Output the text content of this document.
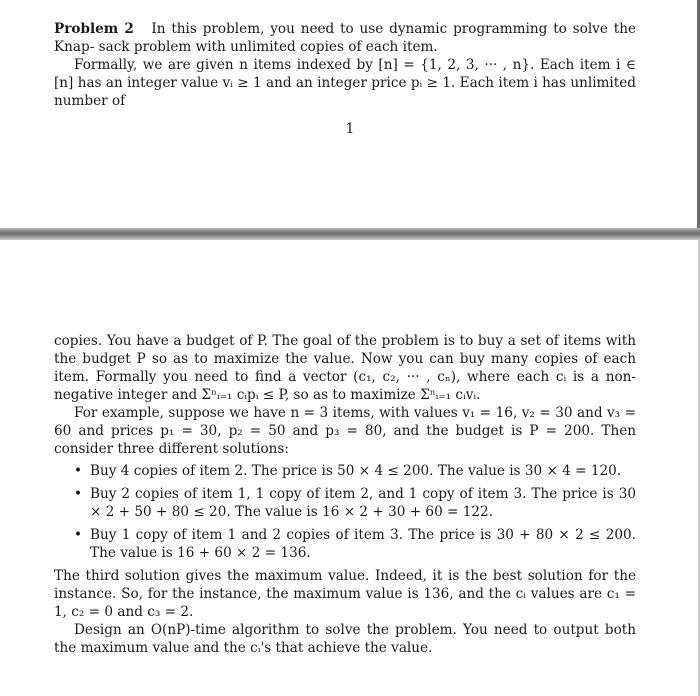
Problem 2 In this problem, you need to use dynamic programming to solve the Knap- sack problem with unlimited copies of each item.

Formally, we are given n items indexed by [n] = {1, 2, 3, ··· , n}. Each item i ∈ [n] has an integer value vᵢ ≥ 1 and an integer price pᵢ ≥ 1. Each item i has unlimited number of

1

copies. You have a budget of P. The goal of the problem is to buy a set of items with the budget P so as to maximize the value. Now you can buy many copies of each item. Formally you need to find a vector (c₁, c₂, ··· , cₙ), where each cᵢ is a non-negative integer and Σⁿᵢ₌₁ cᵢpᵢ ≤ P, so as to maximize Σⁿᵢ₌₁ cᵢvᵢ.

For example, suppose we have n = 3 items, with values v₁ = 16, v₂ = 30 and v₃ = 60 and prices p₁ = 30, p₂ = 50 and p₃ = 80, and the budget is P = 200. Then consider three different solutions:

• Buy 4 copies of item 2. The price is 50 × 4 ≤ 200. The value is 30 × 4 = 120.
• Buy 2 copies of item 1, 1 copy of item 2, and 1 copy of item 3. The price is 30 × 2 + 50 + 80 ≤ 20. The value is 16 × 2 + 30 + 60 = 122.
• Buy 1 copy of item 1 and 2 copies of item 3. The price is 30 + 80 × 2 ≤ 200. The value is 16 + 60 × 2 = 136.

The third solution gives the maximum value. Indeed, it is the best solution for the instance. So, for the instance, the maximum value is 136, and the cᵢ values are c₁ = 1, c₂ = 0 and c₃ = 2.

Design an O(nP)-time algorithm to solve the problem. You need to output both the maximum value and the cᵢ's that achieve the value.
